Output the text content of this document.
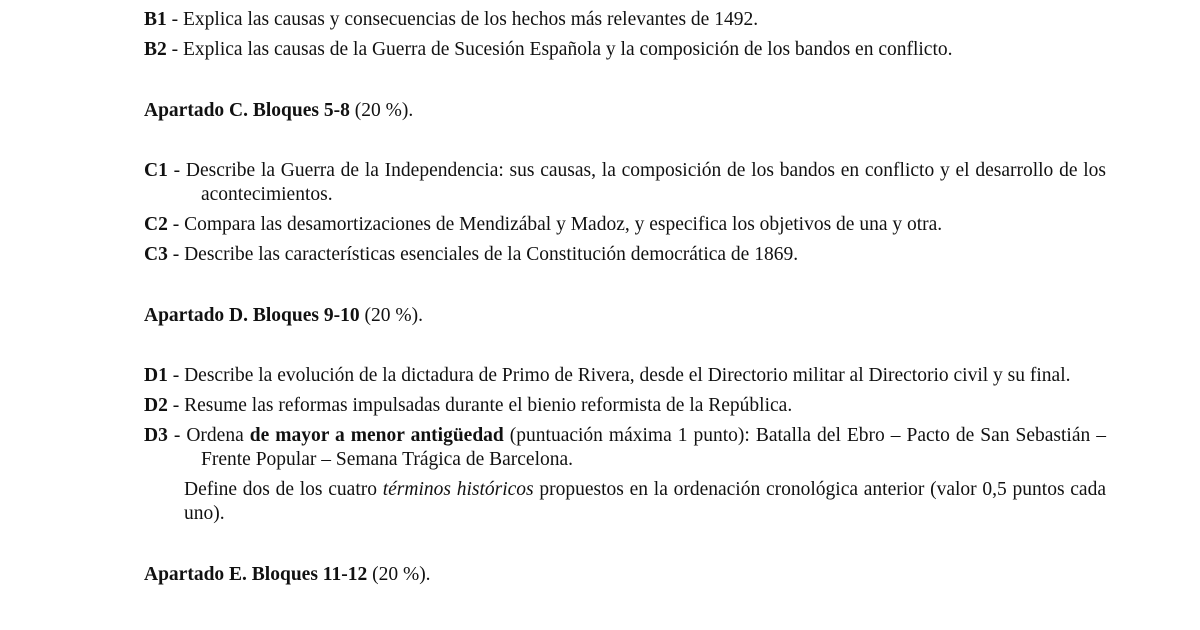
B1 - Explica las causas y consecuencias de los hechos más relevantes de 1492.

B2 - Explica las causas de la Guerra de Sucesión Española y la composición de los bandos en conflicto.

Apartado C. Bloques 5-8 (20 %).

C1 - Describe la Guerra de la Independencia: sus causas, la composición de los bandos en conflicto y el desarrollo de los acontecimientos.

C2 - Compara las desamortizaciones de Mendizábal y Madoz, y especifica los objetivos de una y otra.

C3 - Describe las características esenciales de la Constitución democrática de 1869.

Apartado D. Bloques 9-10 (20 %).

D1 - Describe la evolución de la dictadura de Primo de Rivera, desde el Directorio militar al Directorio civil y su final.

D2 - Resume las reformas impulsadas durante el bienio reformista de la República.

D3 - Ordena de mayor a menor antigüedad (puntuación máxima 1 punto): Batalla del Ebro – Pacto de San Sebastián – Frente Popular – Semana Trágica de Barcelona.

Define dos de los cuatro términos históricos propuestos en la ordenación cronológica anterior (valor 0,5 puntos cada uno).

Apartado E. Bloques 11-12 (20 %).
